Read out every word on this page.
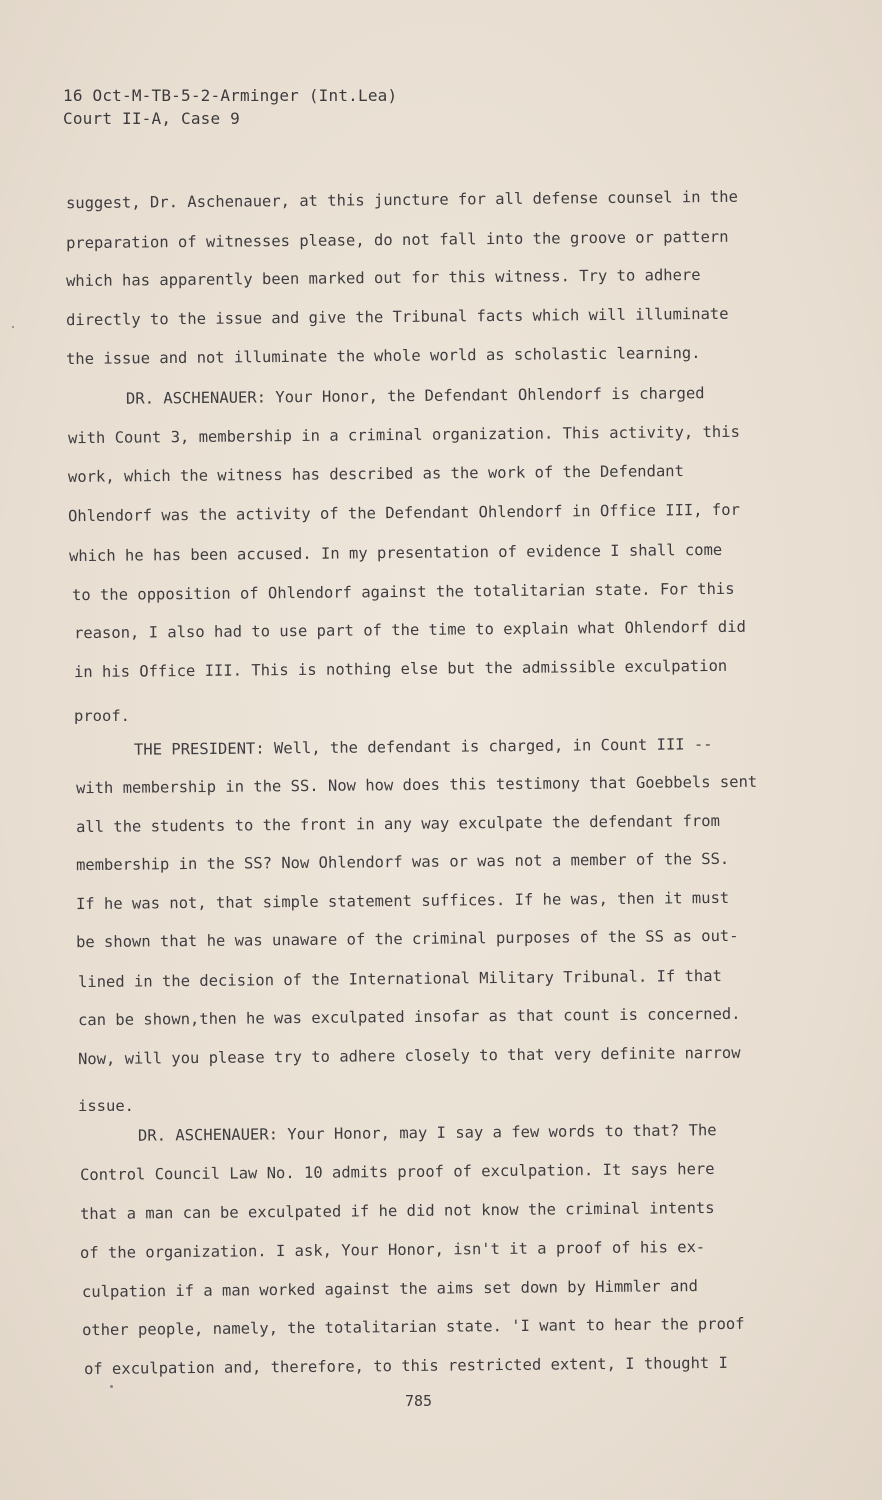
16 Oct-M-TB-5-2-Arminger (Int.Lea)
Court II-A, Case 9
suggest, Dr. Aschenauer, at this juncture for all defense counsel in the
preparation of witnesses please, do not fall into the groove or pattern
which has apparently been marked out for this witness. Try to adhere
directly to the issue and give the Tribunal facts which will illuminate
the issue and not illuminate the whole world as scholastic learning.
DR. ASCHENAUER: Your Honor, the Defendant Ohlendorf is charged
with Count 3, membership in a criminal organization. This activity, this
work, which the witness has described as the work of the Defendant
Ohlendorf was the activity of the Defendant Ohlendorf in Office III, for
which he has been accused. In my presentation of evidence I shall come
to the opposition of Ohlendorf against the totalitarian state. For this
reason, I also had to use part of the time to explain what Ohlendorf did
in his Office III. This is nothing else but the admissible exculpation
proof.
THE PRESIDENT: Well, the defendant is charged, in Count III --
with membership in the SS. Now how does this testimony that Goebbels sent
all the students to the front in any way exculpate the defendant from
membership in the SS? Now Ohlendorf was or was not a member of the SS.
If he was not, that simple statement suffices. If he was, then it must
be shown that he was unaware of the criminal purposes of the SS as out-
lined in the decision of the International Military Tribunal. If that
can be shown,then he was exculpated insofar as that count is concerned.
Now, will you please try to adhere closely to that very definite narrow
issue.
DR. ASCHENAUER: Your Honor, may I say a few words to that? The
Control Council Law No. 10 admits proof of exculpation. It says here
that a man can be exculpated if he did not know the criminal intents
of the organization. I ask, Your Honor, isn't it a proof of his ex-
culpation if a man worked against the aims set down by Himmler and
other people, namely, the totalitarian state. 'I want to hear the proof
of exculpation and, therefore, to this restricted extent, I thought I
785
